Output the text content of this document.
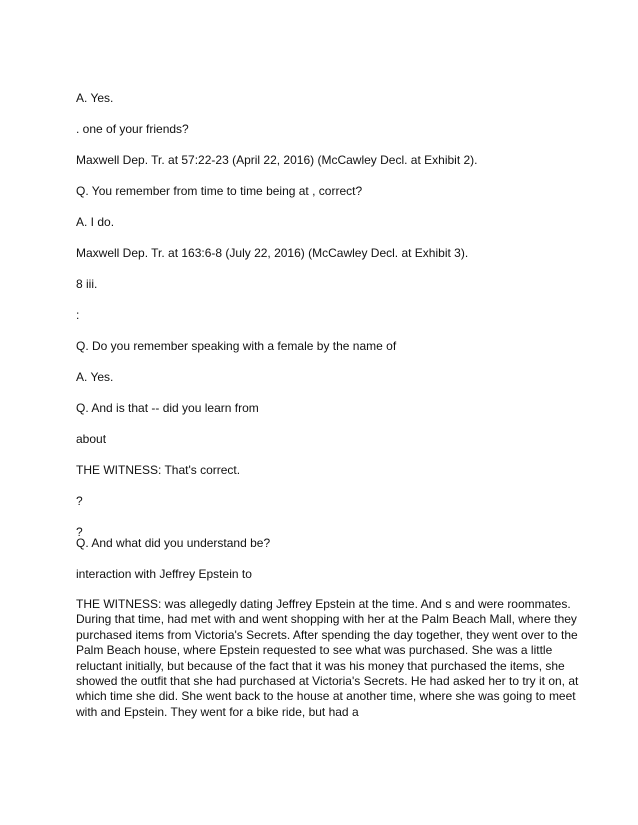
A. Yes.
. one of your friends?
Maxwell Dep. Tr. at 57:22-23 (April 22, 2016) (McCawley Decl. at Exhibit 2).
Q. You remember from time to time being at , correct?
A. I do.
Maxwell Dep. Tr. at 163:6-8 (July 22, 2016) (McCawley Decl. at Exhibit 3).
8 iii.
:
Q. Do you remember speaking with a female by the name of
A. Yes.
Q. And is that -- did you learn from
about
THE WITNESS: That's correct.
?
?
Q. And what did you understand be?
interaction with Jeffrey Epstein to
THE WITNESS: was allegedly dating Jeffrey Epstein at the time. And s and were roommates.
During that time, had met with and went shopping with her at the Palm Beach Mall, where they
purchased items from Victoria's Secrets. After spending the day together, they went over to the
Palm Beach house, where Epstein requested to see what was purchased. She was a little
reluctant initially, but because of the fact that it was his money that purchased the items, she
showed the outfit that she had purchased at Victoria's Secrets. He had asked her to try it on, at
which time she did. She went back to the house at another time, where she was going to meet
with and Epstein. They went for a bike ride, but had a
